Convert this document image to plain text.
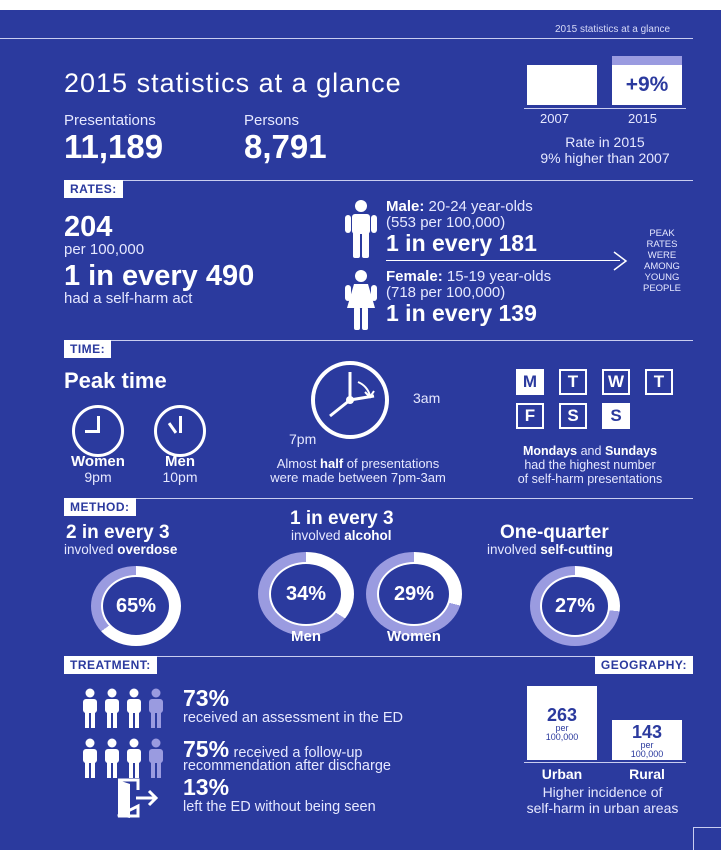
2015 statistics at a glance
2015 statistics at a glance
Presentations
11,189
Persons
8,791
+9%
2007	2015
Rate in 2015
9% higher than 2007
RATES:
204
per 100,000
1 in every 490
had a self-harm act
Male: 20-24 year-olds
(553 per 100,000)
1 in every 181	PEAK
RATES
WERE
AMONG
YOUNG
PEOPLE
Female: 15-19 year-olds
(718 per 100,000)
1 in every 139
TIME:
Peak time
Women
9pm
Men
10pm
3am
7pm
Almost half of presentations
were made between 7pm-3am
M	T	W	T
F	S	S
Mondays and Sundays
had the highest number
of self-harm presentations
METHOD:
2 in every 3
involved overdose
65%
1 in every 3
involved alcohol
34%	29%
Men	Women
One-quarter
involved self-cutting
27%
TREATMENT:	GEOGRAPHY:
73%
received an assessment in the ED
75% received a follow-up
recommendation after discharge
13%
left the ED without being seen
263
per
100,000	143
per
100,000
Urban	Rural
Higher incidence of
self-harm in urban areas
